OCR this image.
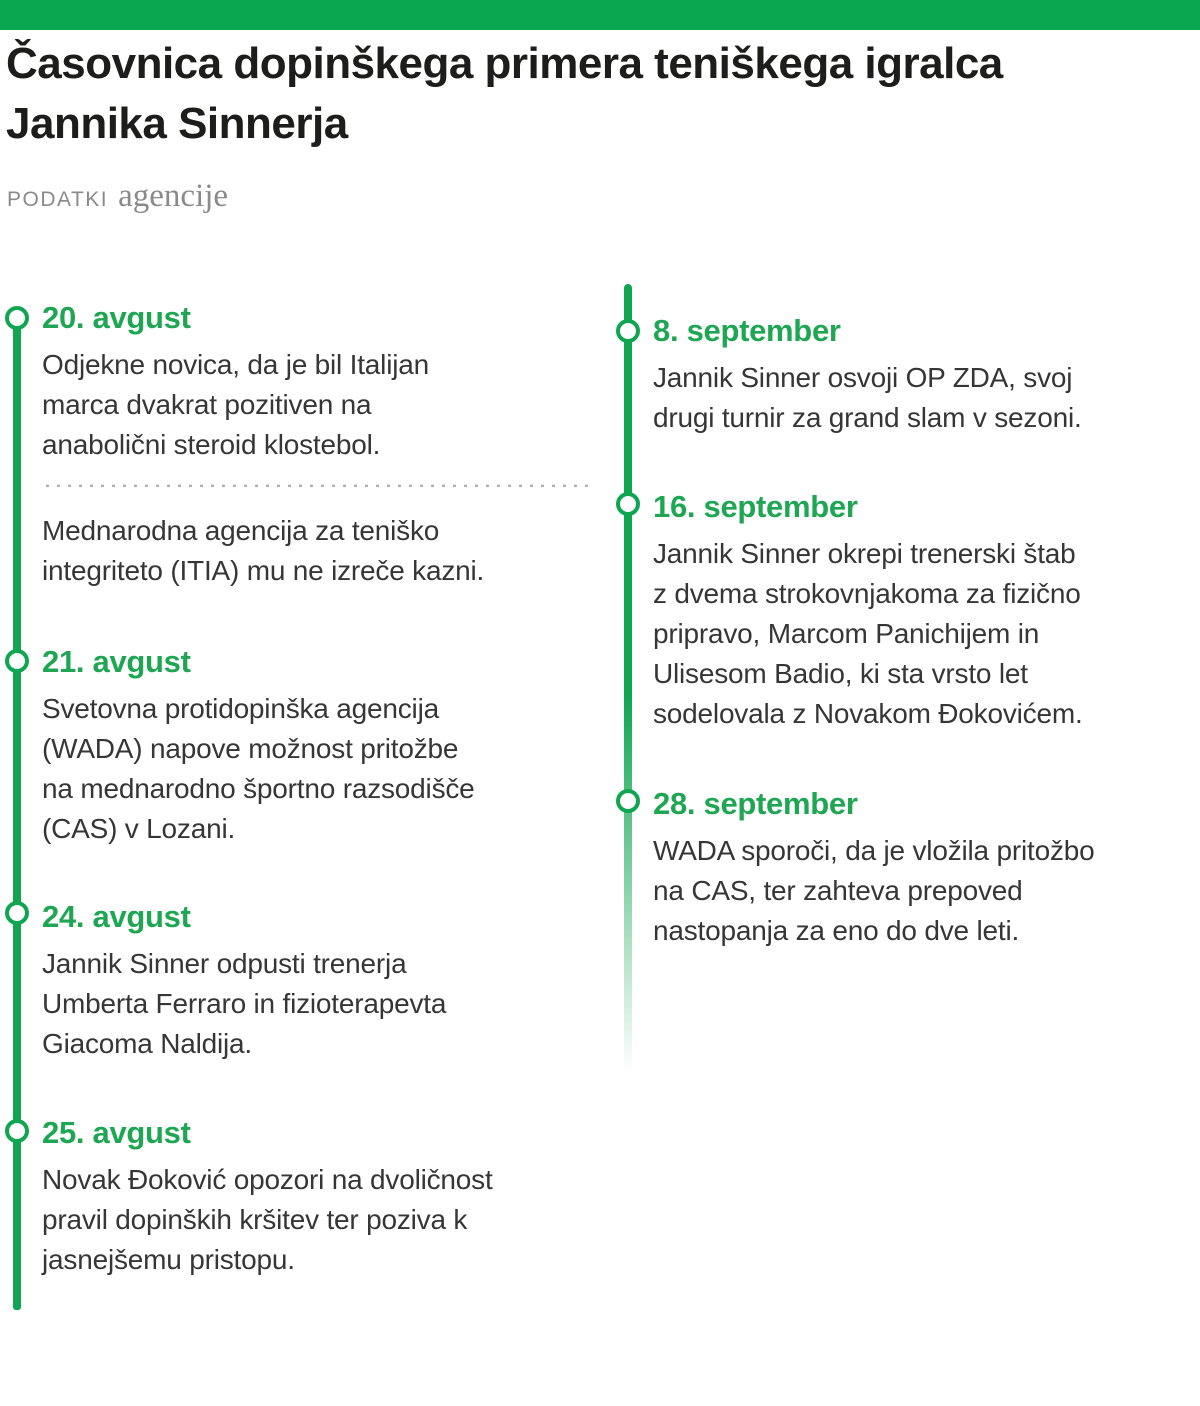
Časovnica dopinškega primera teniškega igralca
Jannika Sinnerja
PODATKI agencije
20. avgust
Odjekne novica, da je bil Italijan
marca dvakrat pozitiven na
anabolični steroid klostebol.
Mednarodna agencija za teniško
integriteto (ITIA) mu ne izreče kazni.
21. avgust
Svetovna protidopinška agencija
(WADA) napove možnost pritožbe
na mednarodno športno razsodišče
(CAS) v Lozani.
24. avgust
Jannik Sinner odpusti trenerja
Umberta Ferraro in fizioterapevta
Giacoma Naldija.
25. avgust
Novak Đoković opozori na dvoličnost
pravil dopinških kršitev ter poziva k
jasnejšemu pristopu.
8. september
Jannik Sinner osvoji OP ZDA, svoj
drugi turnir za grand slam v sezoni.
16. september
Jannik Sinner okrepi trenerski štab
z dvema strokovnjakoma za fizično
pripravo, Marcom Panichijem in
Ulisesom Badio, ki sta vrsto let
sodelovala z Novakom Đokovićem.
28. september
WADA sporoči, da je vložila pritožbo
na CAS, ter zahteva prepoved
nastopanja za eno do dve leti.
